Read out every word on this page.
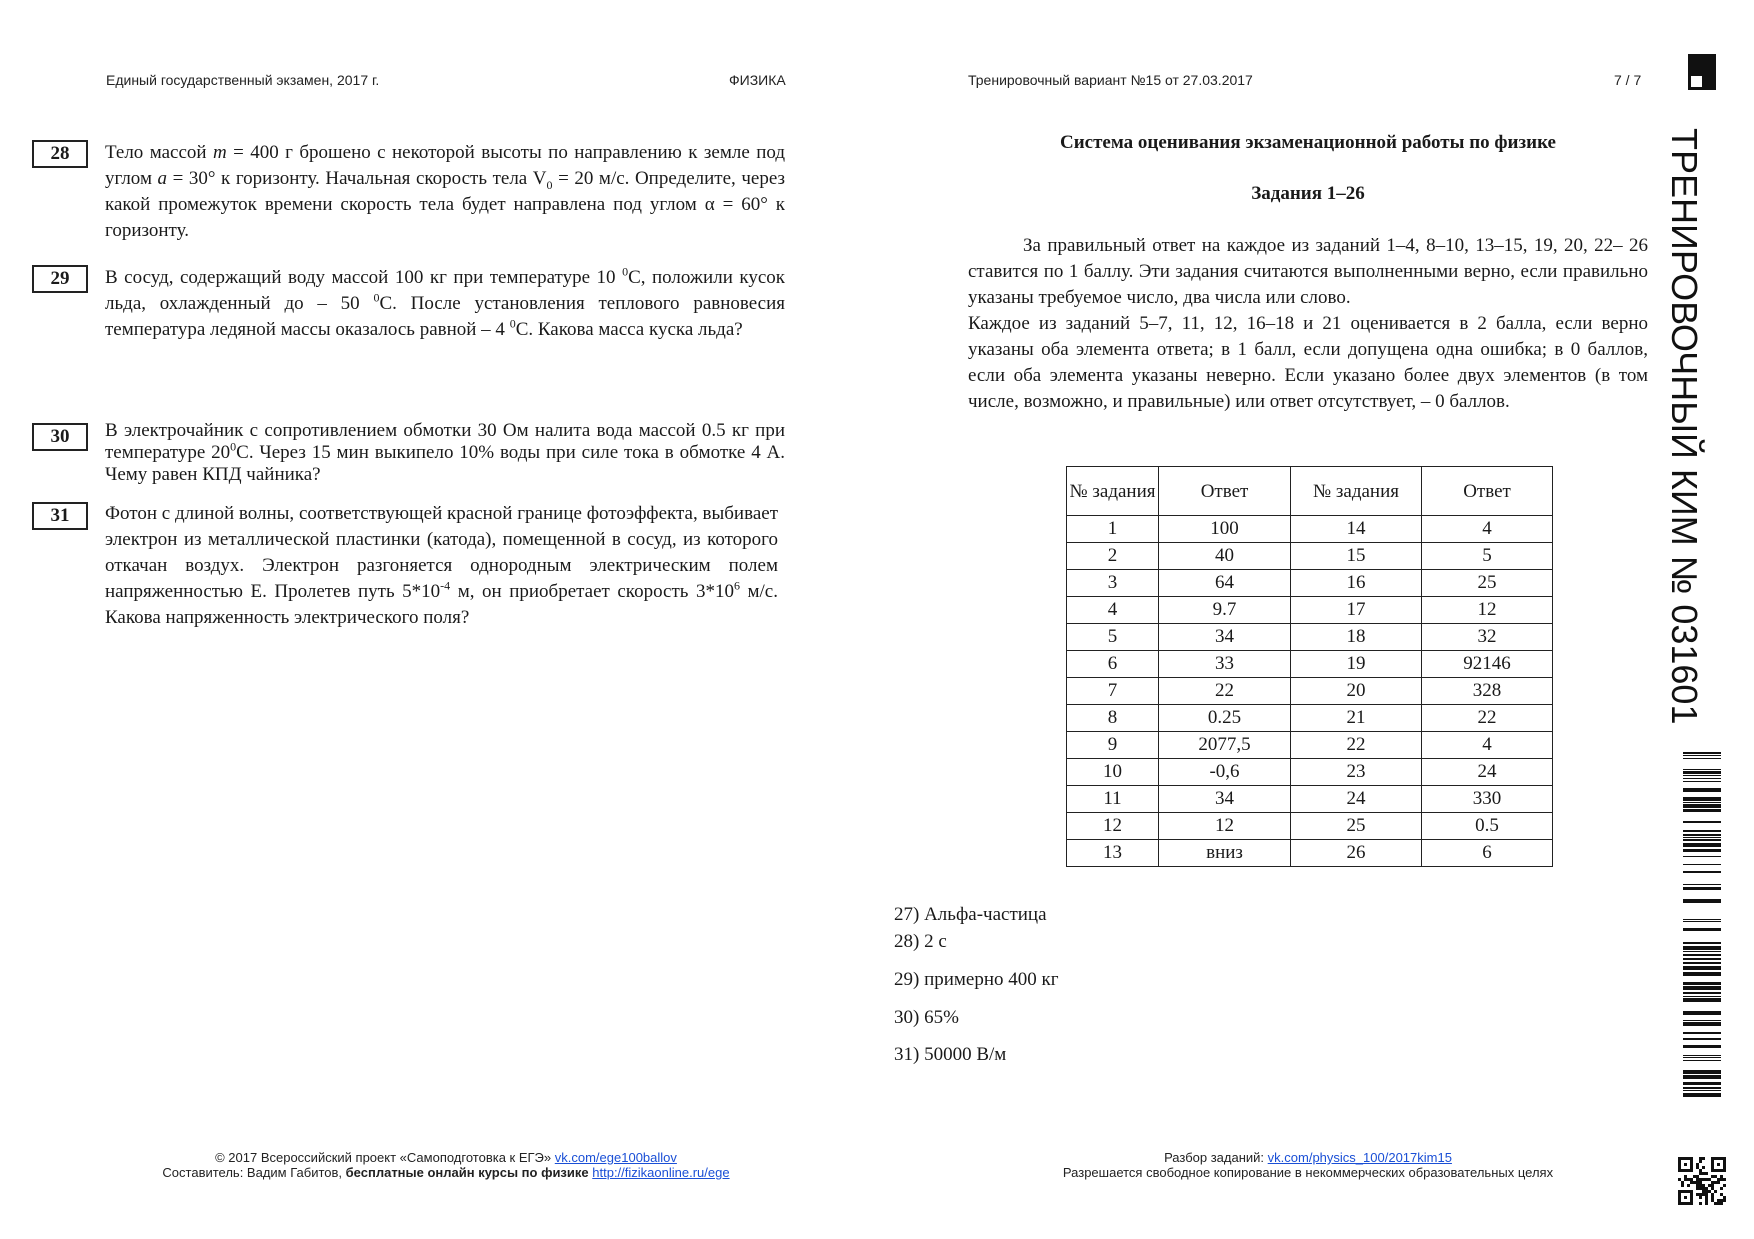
Единый государственный экзамен, 2017 г.	ФИЗИКА	Тренировочный вариант №15 от 27.03.2017	7 / 7
28	Тело массой m = 400 г брошено с некоторой высоты по направлению к земле под углом a = 30° к горизонту. Начальная скорость тела $V_0 = 20$ м/с. Определите, через какой промежуток времени скорость тела будет направлена под углом α = 60° к горизонту.
29	В сосуд, содержащий воду массой 100 кг при температуре 10 $^0$С, положили кусок льда, охлажденный до – 50 $^0$С. После установления теплового равновесия температура ледяной массы оказалось равной – 4 $^0$С. Какова масса куска льда?
30	В электрочайник с сопротивлением обмотки 30 Ом налита вода массой 0.5 кг при температуре $20^0С$. Через 15 мин выкипело 10% воды при силе тока в обмотке 4 А. Чему равен КПД чайника?
31	Фотон с длиной волны, соответствующей красной границе фотоэффекта, выбивает электрон из металлической пластинки (катода), помещенной в сосуд, из которого откачан воздух. Электрон разгоняется однородным электрическим полем напряженностью Е. Пролетев путь $5*10^{-4}$ м, он приобретает скорость $3*10^6$ м/с. Какова напряженность электрического поля?
Система оценивания экзаменационной работы по физике
Задания 1–26

За правильный ответ на каждое из заданий 1–4, 8–10, 13–15, 19, 20, 22– 26 ставится по 1 баллу. Эти задания считаются выполненными верно, если правильно указаны требуемое число, два числа или слово.

Каждое из заданий 5–7, 11, 12, 16–18 и 21 оценивается в 2 балла, если верно указаны оба элемента ответа; в 1 балл, если допущена одна ошибка; в 0 баллов, если оба элемента указаны неверно. Если указано более двух элементов (в том числе, возможно, и правильные) или ответ отсутствует, – 0 баллов.

№ задания	Ответ	№ задания	Ответ
1	100	14	4
2	40	15	5
3	64	16	25
4	9.7	17	12
5	34	18	32
6	33	19	92146
7	22	20	328
8	0.25	21	22
9	2077,5	22	4
10	-0,6	23	24
11	34	24	330
12	12	25	0.5
13	вниз	26	6
27) Альфа-частица
28) 2 с
29) примерно 400 кг
30) 65%
31) 50000 В/м
© 2017 Всероссийский проект «Самоподготовка к ЕГЭ» vk.com/ege100ballov
Составитель: Вадим Габитов, бесплатные онлайн курсы по физике http://fizikaonline.ru/ege
Разбор заданий: vk.com/physics_100/2017kim15
Разрешается свободное копирование в некоммерческих образовательных целях
ТРЕНИРОВОЧНЫЙ КИМ № 031601
